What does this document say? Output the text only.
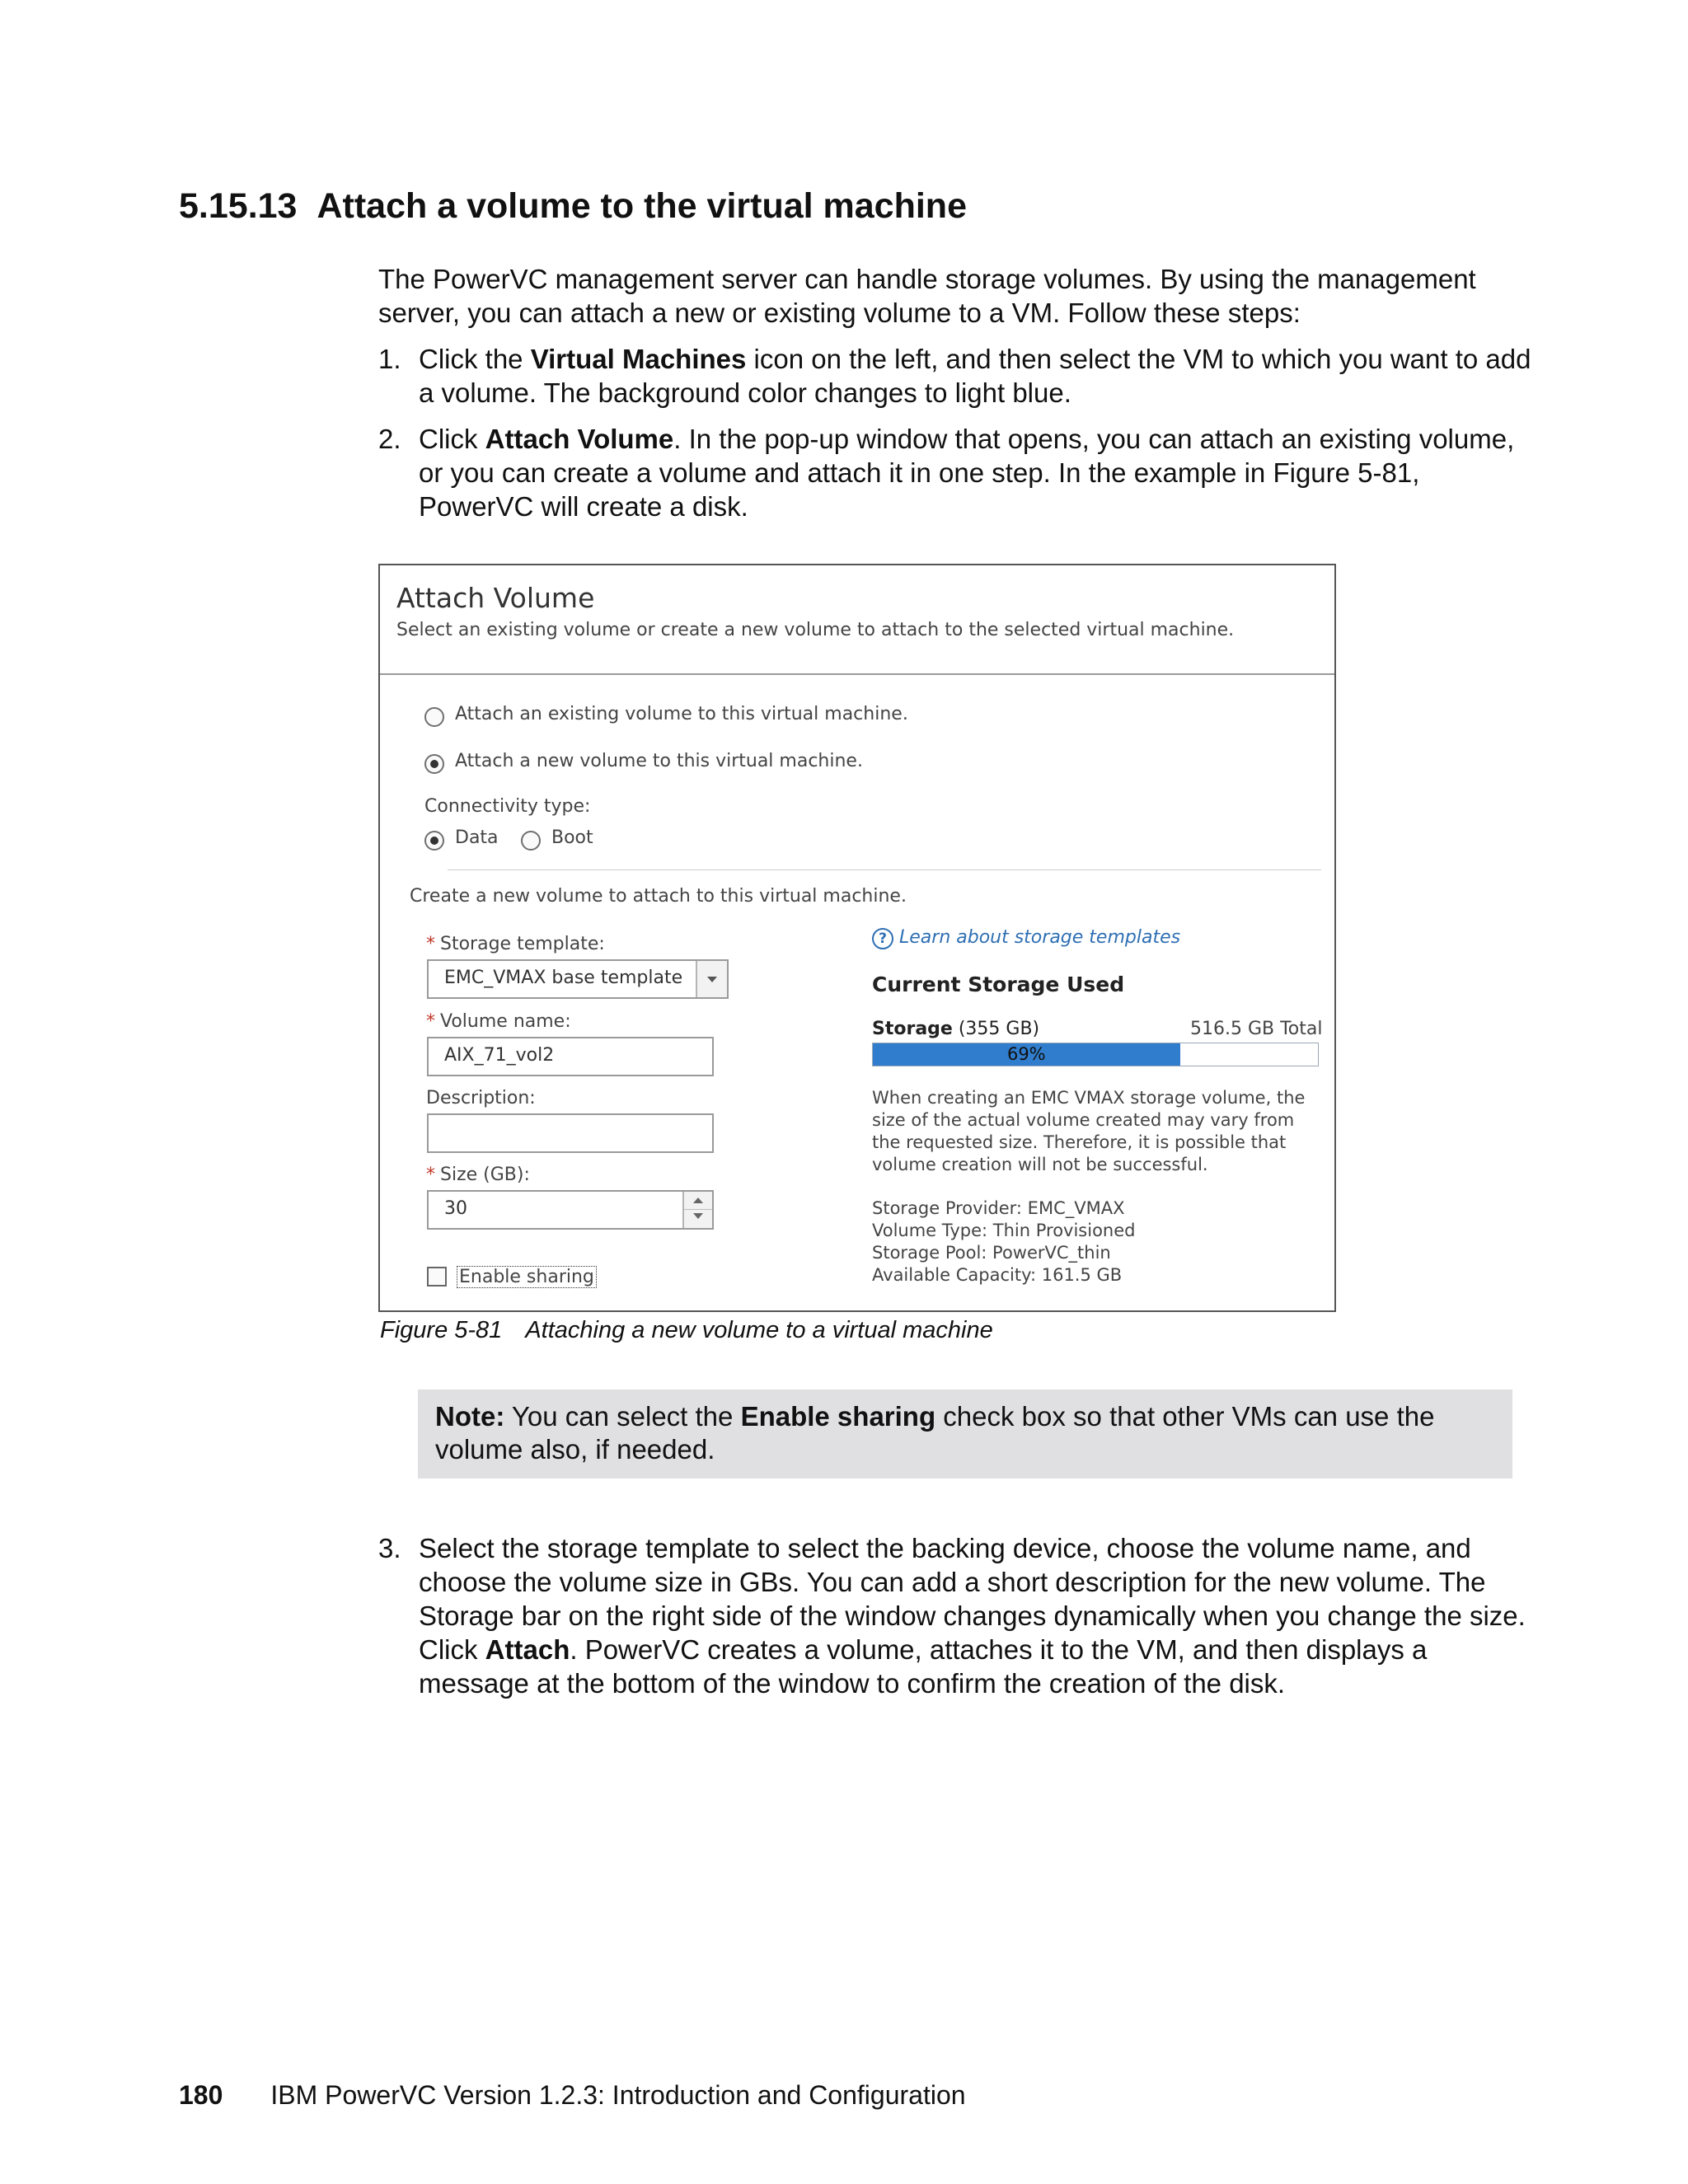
5.15.13 Attach a volume to the virtual machine
The PowerVC management server can handle storage volumes. By using the management server, you can attach a new or existing volume to a VM. Follow these steps:
1. Click the Virtual Machines icon on the left, and then select the VM to which you want to add a volume. The background color changes to light blue.
2. Click Attach Volume. In the pop-up window that opens, you can attach an existing volume, or you can create a volume and attach it in one step. In the example in Figure 5-81, PowerVC will create a disk.
Attach Volume
Select an existing volume or create a new volume to attach to the selected virtual machine.
Attach an existing volume to this virtual machine.
Attach a new volume to this virtual machine.
Connectivity type:
Data	Boot
Create a new volume to attach to this virtual machine.
* Storage template:
EMC_VMAX base template
* Volume name:
AIX_71_vol2
Description:
* Size (GB):
30
Enable sharing
? Learn about storage templates
Current Storage Used
Storage (355 GB)	516.5 GB Total
69%
When creating an EMC VMAX storage volume, the size of the actual volume created may vary from the requested size. Therefore, it is possible that volume creation will not be successful.
Storage Provider: EMC_VMAX
Volume Type: Thin Provisioned
Storage Pool: PowerVC_thin
Available Capacity: 161.5 GB
Figure 5-81 Attaching a new volume to a virtual machine
Note: You can select the Enable sharing check box so that other VMs can use the volume also, if needed.
3. Select the storage template to select the backing device, choose the volume name, and choose the volume size in GBs. You can add a short description for the new volume. The Storage bar on the right side of the window changes dynamically when you change the size. Click Attach. PowerVC creates a volume, attaches it to the VM, and then displays a message at the bottom of the window to confirm the creation of the disk.
180 IBM PowerVC Version 1.2.3: Introduction and Configuration
